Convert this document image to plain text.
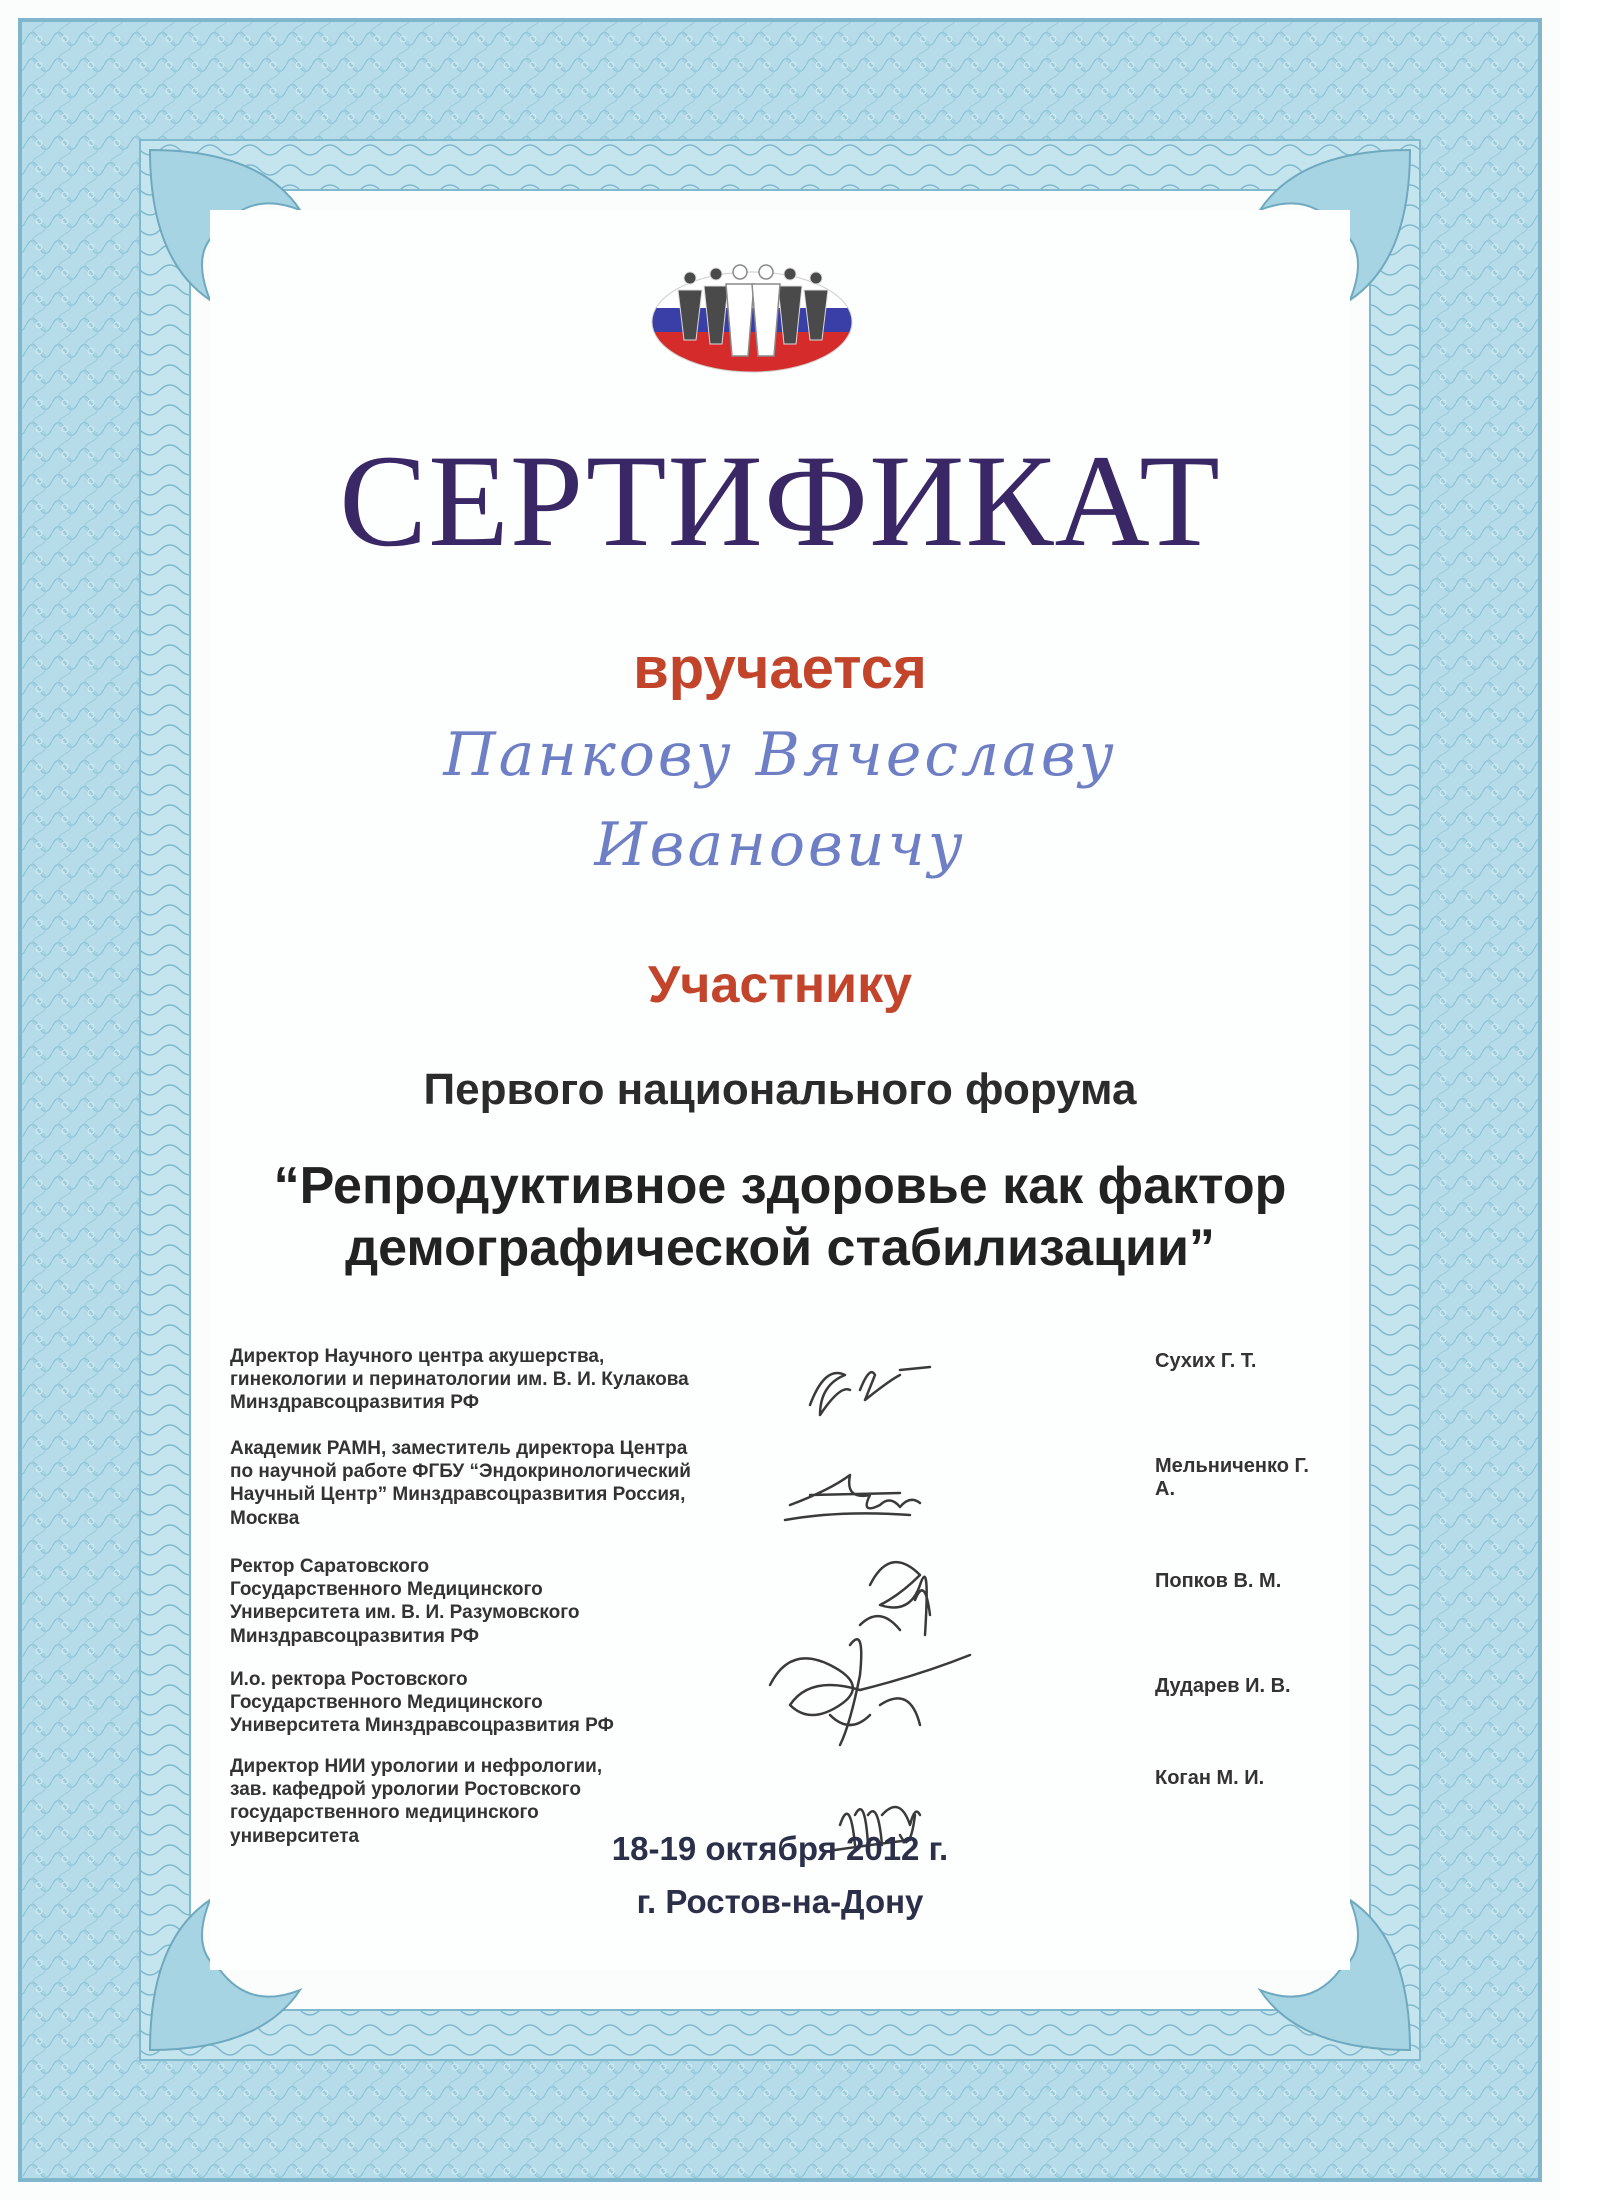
СЕРТИФИКАТ
вручается
Панкову Вячеславу
Ивановичу
Участнику
Первого национального форума
“Репродуктивное здоровье как фактор
демографической стабилизации”
Директор Научного центра акушерства,
гинекологии и перинатологии им. В. И. Кулакова
Минздравсоцразвития РФ
Сухих Г. Т.
Академик РАМН, заместитель директора Центра
по научной работе ФГБУ “Эндокринологический
Научный Центр” Минздравсоцразвития Россия,
Москва
Мельниченко Г. А.
Ректор Саратовского
Государственного Медицинского
Университета им. В. И. Разумовского
Минздравсоцразвития РФ
Попков В. М.
И.о. ректора Ростовского
Государственного Медицинского
Университета Минздравсоцразвития РФ
Дударев И. В.
Директор НИИ урологии и нефрологии,
зав. кафедрой урологии Ростовского
государственного медицинского
университета
Коган М. И.
18-19 октября 2012 г.
г. Ростов-на-Дону
